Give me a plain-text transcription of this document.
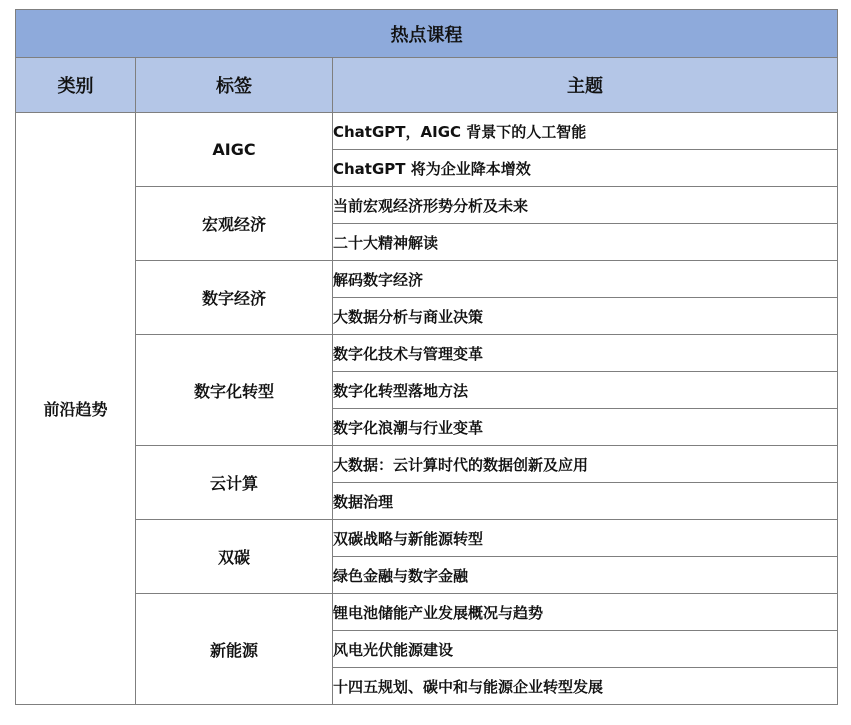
热点课程		
类别	标签	主题
前沿趋势	AIGC	ChatGPT，AIGC 背景下的人工智能
		ChatGPT 将为企业降本增效
	宏观经济	当前宏观经济形势分析及未来
		二十大精神解读
	数字经济	解码数字经济
		大数据分析与商业决策
	数字化转型	数字化技术与管理变革
		数字化转型落地方法
		数字化浪潮与行业变革
	云计算	大数据：云计算时代的数据创新及应用
		数据治理
	双碳	双碳战略与新能源转型
		绿色金融与数字金融
	新能源	锂电池储能产业发展概况与趋势
		风电光伏能源建设
		十四五规划、碳中和与能源企业转型发展
